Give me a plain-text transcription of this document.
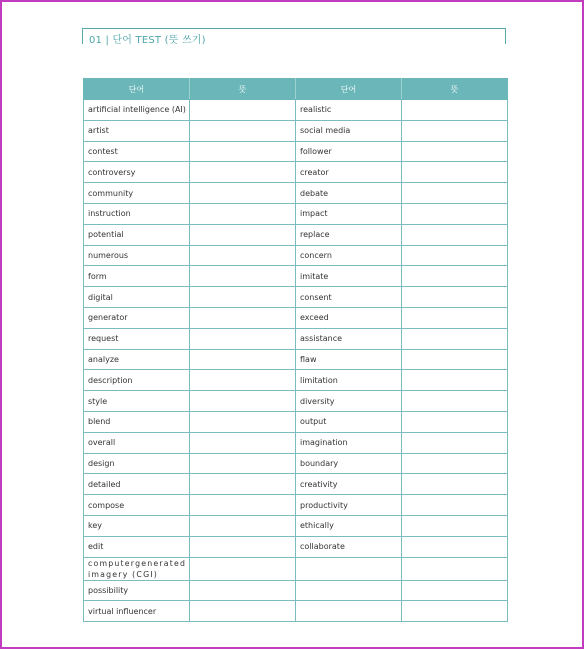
01 | 단어 TEST (뜻 쓰기)
단어	뜻	단어	뜻
artificial intelligence (AI)		realistic	
artist		social media	
contest		follower	
controversy		creator	
community		debate	
instruction		impact	
potential		replace	
numerous		concern	
form		imitate	
digital		consent	
generator		exceed	
request		assistance	
analyze		flaw	
description		limitation	
style		diversity	
blend		output	
overall		imagination	
design		boundary	
detailed		creativity	
compose		productivity	
key		ethically	
edit		collaborate	
computergenerated imagery (CGI)			
possibility			
virtual influencer			
